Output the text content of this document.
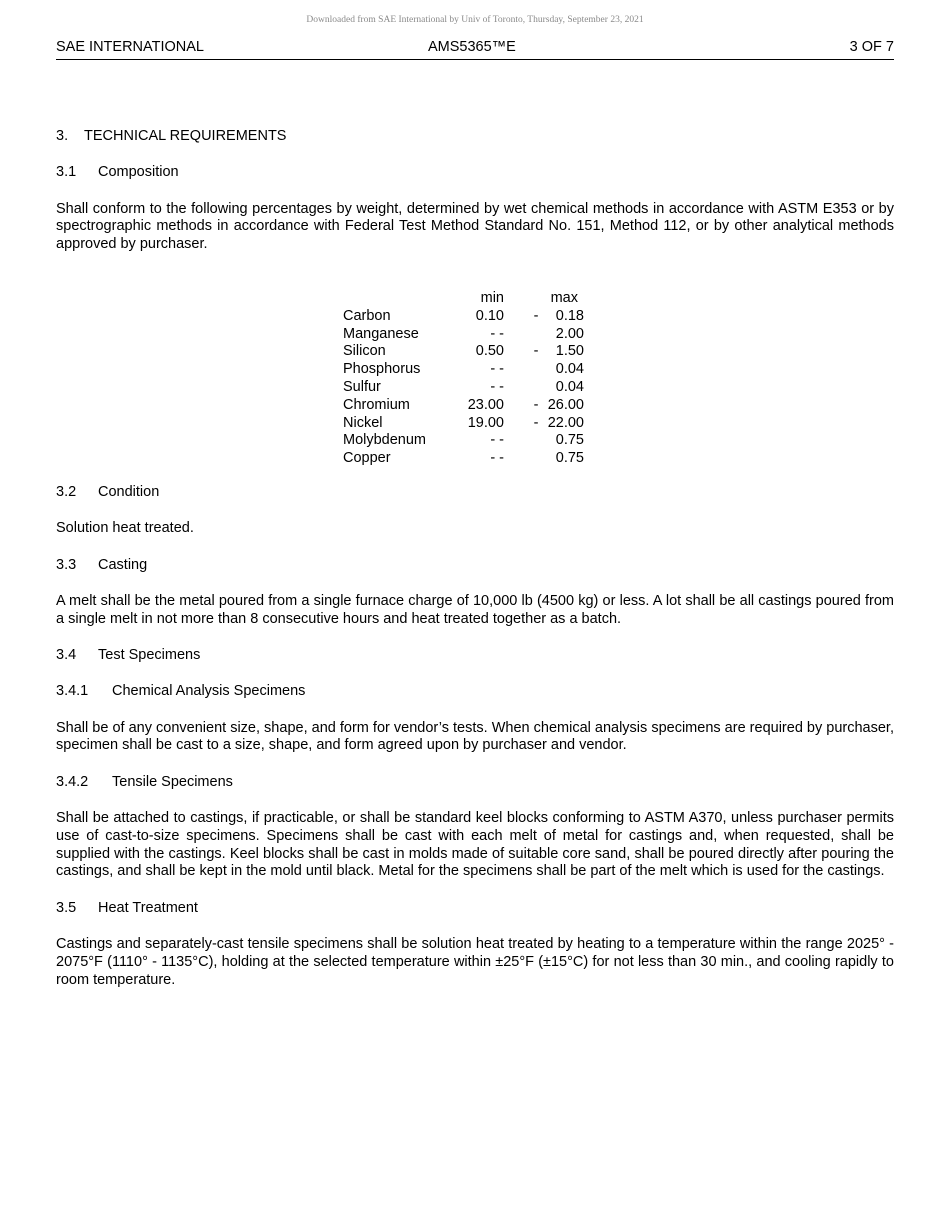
Downloaded from SAE International by Univ of Toronto, Thursday, September 23, 2021
SAE INTERNATIONAL	AMS5365™E	3 OF 7
3. TECHNICAL REQUIREMENTS
3.1 Composition

Shall conform to the following percentages by weight, determined by wet chemical methods in accordance with ASTM E353 or by spectrographic methods in accordance with Federal Test Method Standard No. 151, Method 112, or by other analytical methods approved by purchaser.

min	max
Carbon	0.10 -	0.18
Manganese	- -	2.00
Silicon	0.50 -	1.50
Phosphorus	- -	0.04
Sulfur	- -	0.04
Chromium	23.00 - 26.00
Nickel	19.00 - 22.00
Molybdenum	- -	0.75
Copper	- -	0.75
3.2 Condition

Solution heat treated.

3.3 Casting

A melt shall be the metal poured from a single furnace charge of 10,000 lb (4500 kg) or less. A lot shall be all castings poured from a single melt in not more than 8 consecutive hours and heat treated together as a batch.

3.4 Test Specimens
3.4.1 Chemical Analysis Specimens

Shall be of any convenient size, shape, and form for vendor’s tests. When chemical analysis specimens are required by purchaser, specimen shall be cast to a size, shape, and form agreed upon by purchaser and vendor.

3.4.2 Tensile Specimens

Shall be attached to castings, if practicable, or shall be standard keel blocks conforming to ASTM A370, unless purchaser permits use of cast-to-size specimens. Specimens shall be cast with each melt of metal for castings and, when requested, shall be supplied with the castings. Keel blocks shall be cast in molds made of suitable core sand, shall be poured directly after pouring the castings, and shall be kept in the mold until black. Metal for the specimens shall be part of the melt which is used for the castings.

3.5 Heat Treatment

Castings and separately-cast tensile specimens shall be solution heat treated by heating to a temperature within the range 2025° - 2075°F (1110° - 1135°C), holding at the selected temperature within ±25°F (±15°C) for not less than 30 min., and cooling rapidly to room temperature.
